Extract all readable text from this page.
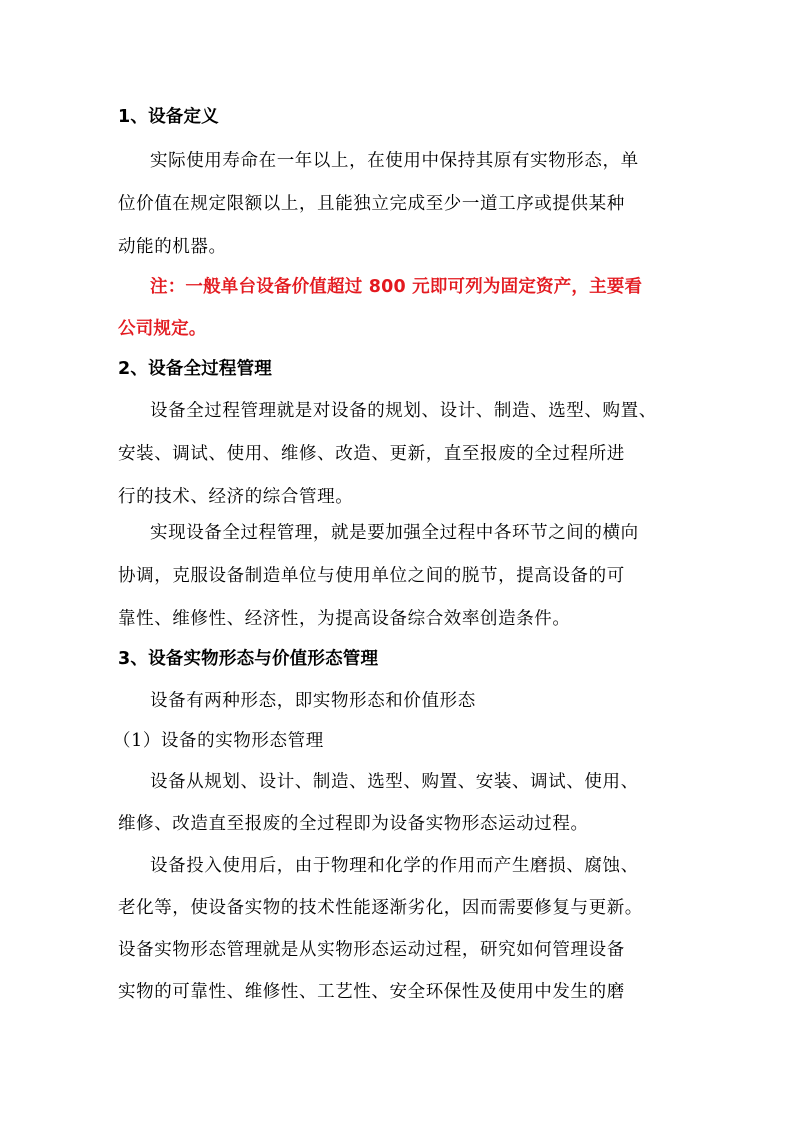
1、设备定义
实际使用寿命在一年以上，在使用中保持其原有实物形态，单
位价值在规定限额以上，且能独立完成至少一道工序或提供某种
动能的机器。
注：一般单台设备价值超过 800 元即可列为固定资产，主要看
公司规定。
2、设备全过程管理
设备全过程管理就是对设备的规划、设计、制造、选型、购置、
安装、调试、使用、维修、改造、更新，直至报废的全过程所进
行的技术、经济的综合管理。
实现设备全过程管理，就是要加强全过程中各环节之间的横向
协调，克服设备制造单位与使用单位之间的脱节，提高设备的可
靠性、维修性、经济性，为提高设备综合效率创造条件。
3、设备实物形态与价值形态管理
设备有两种形态，即实物形态和价值形态
（1）设备的实物形态管理
设备从规划、设计、制造、选型、购置、安装、调试、使用、
维修、改造直至报废的全过程即为设备实物形态运动过程。
设备投入使用后，由于物理和化学的作用而产生磨损、腐蚀、
老化等，使设备实物的技术性能逐渐劣化，因而需要修复与更新。
设备实物形态管理就是从实物形态运动过程，研究如何管理设备
实物的可靠性、维修性、工艺性、安全环保性及使用中发生的磨
